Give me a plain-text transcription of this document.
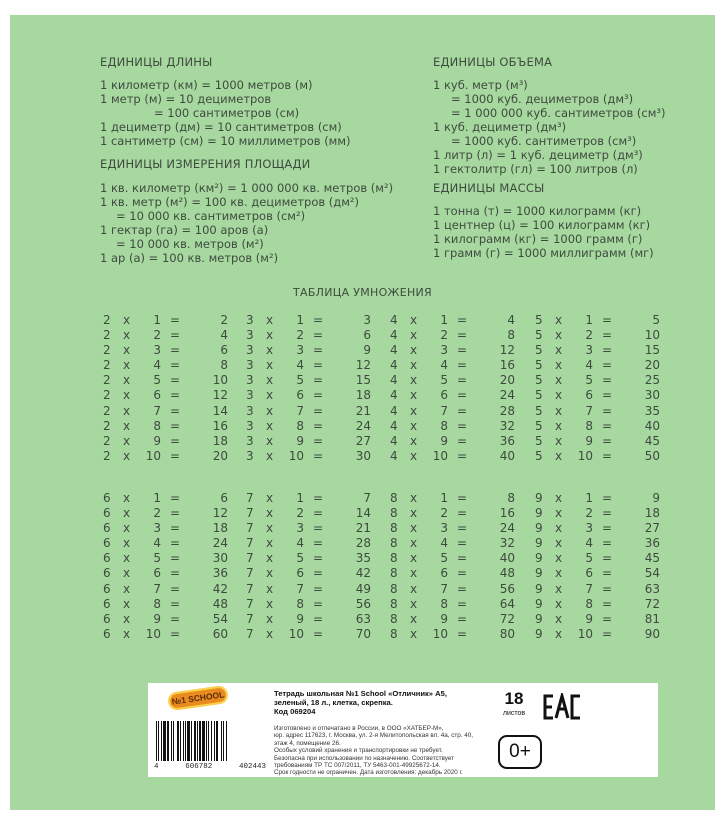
ЕДИНИЦЫ ДЛИНЫ
1 километр (км) = 1000 метров (м)
1 метр (м) = 10 дециметров
= 100 сантиметров (см)
1 дециметр (дм) = 10 сантиметров (см)
1 сантиметр (см) = 10 миллиметров (мм)
ЕДИНИЦЫ ИЗМЕРЕНИЯ ПЛОЩАДИ
1 кв. километр (км²) = 1 000 000 кв. метров (м²)
1 кв. метр (м²) = 100 кв. дециметров (дм²)
= 10 000 кв. сантиметров (см²)
1 гектар (га) = 100 аров (а)
= 10 000 кв. метров (м²)
1 ар (а) = 100 кв. метров (м²)
ЕДИНИЦЫ ОБЪЕМА
1 куб. метр (м³)
= 1000 куб. дециметров (дм³)
= 1 000 000 куб. сантиметров (см³)
1 куб. дециметр (дм³)
= 1000 куб. сантиметров (см³)
1 литр (л) = 1 куб. дециметр (дм³)
1 гектолитр (гл) = 100 литров (л)
ЕДИНИЦЫ МАССЫ
1 тонна (т) = 1000 килограмм (кг)
1 центнер (ц) = 100 килограмм (кг)
1 килограмм (кг) = 1000 грамм (г)
1 грамм (г) = 1000 миллиграмм (мг)
ТАБЛИЦА УМНОЖЕНИЯ
2 x	1 =	2
2 x	2 =	4
2 x	3 =	6
2 x	4 =	8
2 x	5 =	10
2 x	6 =	12
2 x	7 =	14
2 x	8 =	16
2 x	9 =	18
2 x	10 =	20
3 x	1 =	3
3 x	2 =	6
3 x	3 =	9
3 x	4 =	12
3 x	5 =	15
3 x	6 =	18
3 x	7 =	21
3 x	8 =	24
3 x	9 =	27
3 x	10 =	30
4 x	1 =	4
4 x	2 =	8
4 x	3 =	12
4 x	4 =	16
4 x	5 =	20
4 x	6 =	24
4 x	7 =	28
4 x	8 =	32
4 x	9 =	36
4 x	10 =	40
5 x	1 =	5
5 x	2 =	10
5 x	3 =	15
5 x	4 =	20
5 x	5 =	25
5 x	6 =	30
5 x	7 =	35
5 x	8 =	40
5 x	9 =	45
5 x	10 =	50
6 x	1 =	6
6 x	2 =	12
6 x	3 =	18
6 x	4 =	24
6 x	5 =	30
6 x	6 =	36
6 x	7 =	42
6 x	8 =	48
6 x	9 =	54
6 x	10 =	60
7 x	1 =	7
7 x	2 =	14
7 x	3 =	21
7 x	4 =	28
7 x	5 =	35
7 x	6 =	42
7 x	7 =	49
7 x	8 =	56
7 x	9 =	63
7 x	10 =	70
8 x	1 =	8
8 x	2 =	16
8 x	3 =	24
8 x	4 =	32
8 x	5 =	40
8 x	6 =	48
8 x	7 =	56
8 x	8 =	64
8 x	9 =	72
8 x	10 =	80
9 x	1 =	9
9 x	2 =	18
9 x	3 =	27
9 x	4 =	36
9 x	5 =	45
9 x	6 =	54
9 x	7 =	63
9 x	8 =	72
9 x	9 =	81
9 x	10 =	90
№1 SCHOOL
4	606782	402443
Тетрадь школьная №1 School «Отличник» А5,
зеленый, 18 л., клетка, скрепка.
Код 069204
Изготовлено и отпечатано в России, в ООО «ХАТБЕР-М»,
юр. адрес 117623, г. Москва, ул. 2-я Мелитопольская вл. 4а, стр. 40,
этаж 4, помещение 26.
Особых условий хранения и транспортировки не требует.
Безопасна при использовании по назначению. Соответствует
требованиям ТР ТС 007/2011, ТУ 5463-001-49925672-14.
Срок годности не ограничен. Дата изготовления: декабрь 2020 г.
18
листов
0+
